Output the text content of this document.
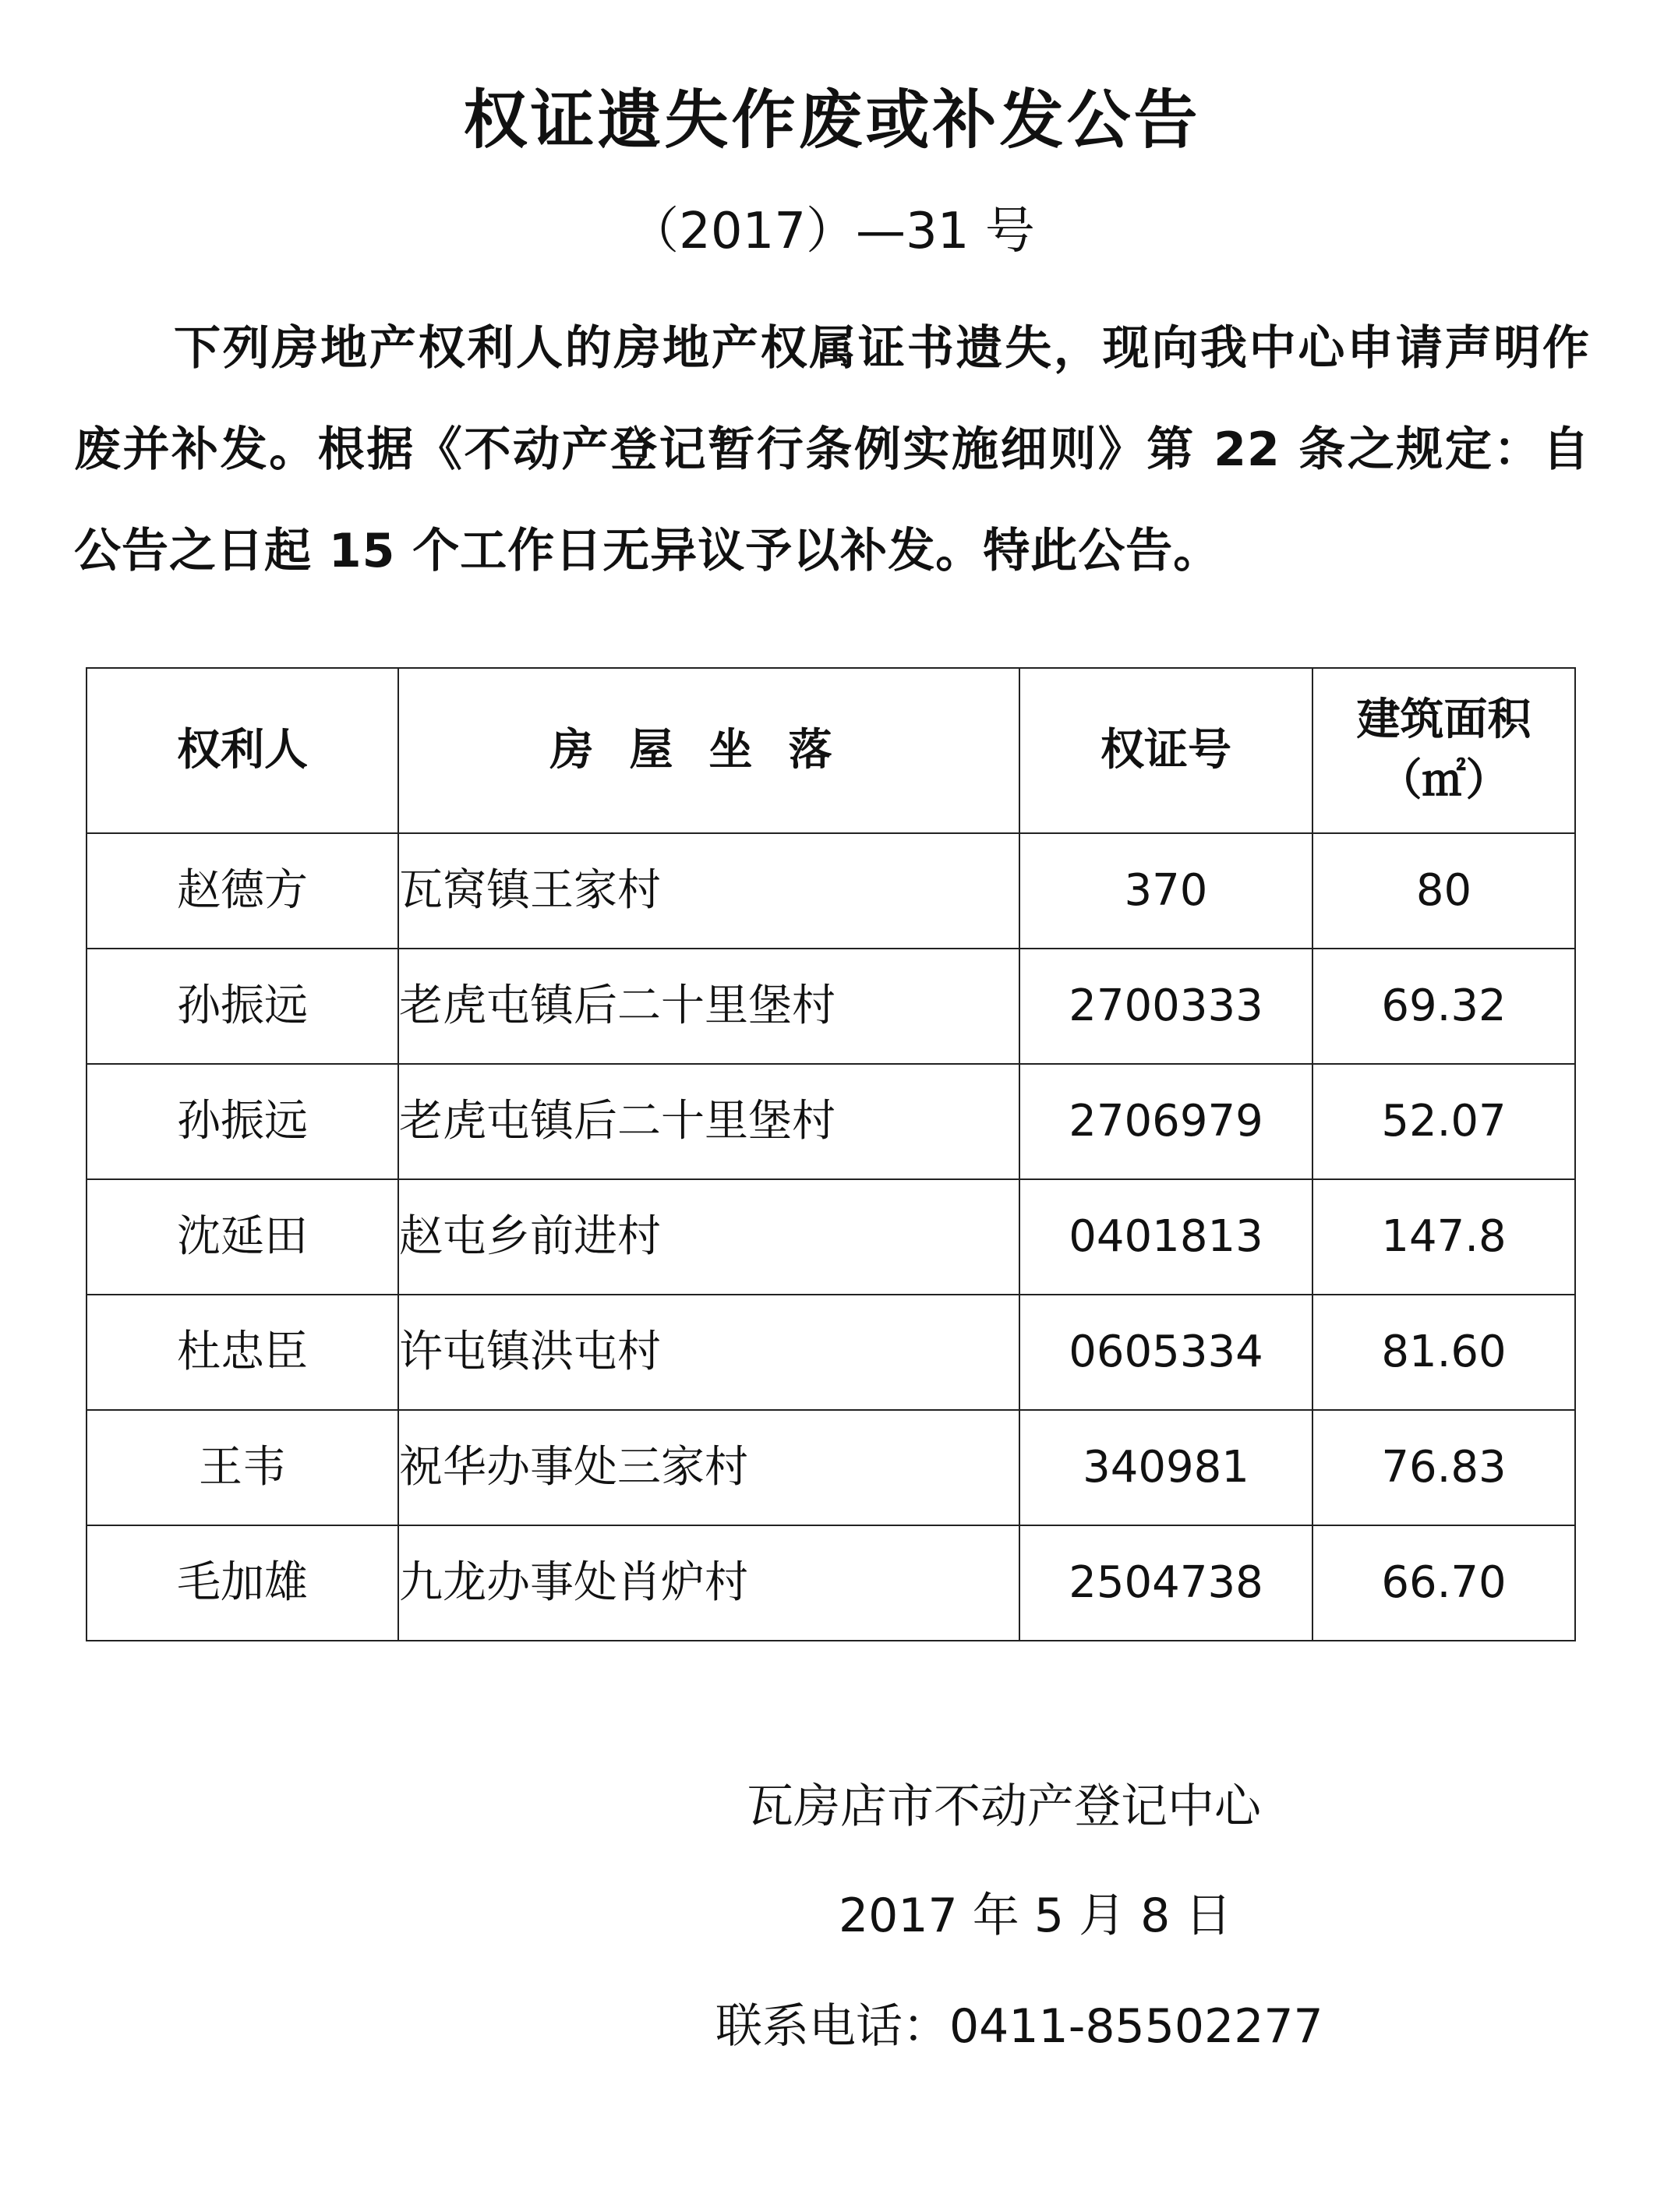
权证遗失作废或补发公告
（2017）—31 号
下列房地产权利人的房地产权属证书遗失，现向我中心申请声明作废并补发。根据《不动产登记暂行条例实施细则》第 22 条之规定：自公告之日起 15 个工作日无异议予以补发。特此公告。
权利人	房屋坐落	权证号	建筑面积
（㎡）

赵德方	瓦窝镇王家村	370	80
孙振远	老虎屯镇后二十里堡村	2700333	69.32
孙振远	老虎屯镇后二十里堡村	2706979	52.07
沈延田	赵屯乡前进村	0401813	147.8
杜忠臣	许屯镇洪屯村	0605334	81.60
王韦	祝华办事处三家村	340981	76.83
毛加雄	九龙办事处肖炉村	2504738	66.70
瓦房店市不动产登记中心
2017 年 5 月 8 日
联系电话：0411-85502277
